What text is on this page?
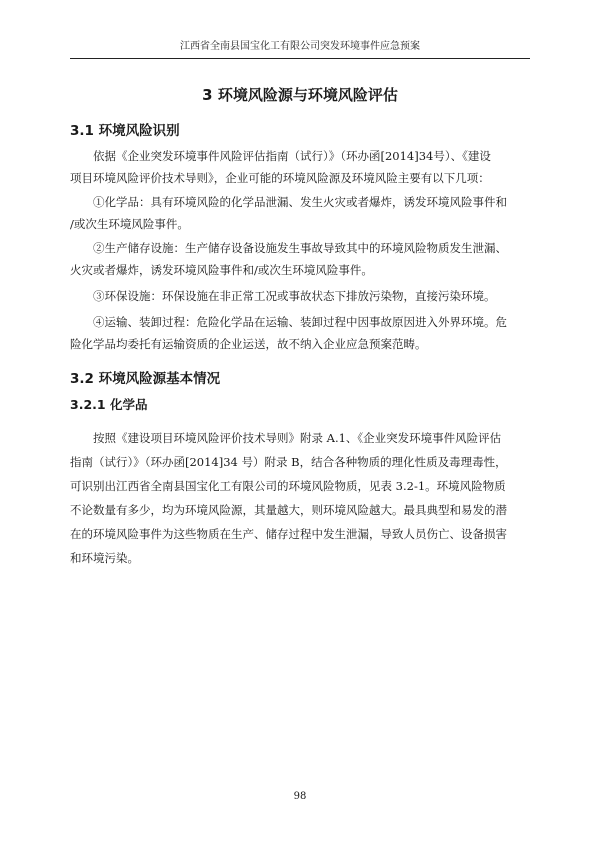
江西省全南县国宝化工有限公司突发环境事件应急预案
3 环境风险源与环境风险评估
3.1 环境风险识别
依据《企业突发环境事件风险评估指南（试行）》（环办函[2014]34号）、《建设
项目环境风险评价技术导则》，企业可能的环境风险源及环境风险主要有以下几项：
①化学品：具有环境风险的化学品泄漏、发生火灾或者爆炸，诱发环境风险事件和
/或次生环境风险事件。
②生产储存设施：生产储存设备设施发生事故导致其中的环境风险物质发生泄漏、
火灾或者爆炸，诱发环境风险事件和/或次生环境风险事件。
③环保设施：环保设施在非正常工况或事故状态下排放污染物，直接污染环境。
④运输、装卸过程：危险化学品在运输、装卸过程中因事故原因进入外界环境。危
险化学品均委托有运输资质的企业运送，故不纳入企业应急预案范畴。
3.2 环境风险源基本情况
3.2.1 化学品
按照《建设项目环境风险评价技术导则》附录 A.1、《企业突发环境事件风险评估
指南（试行）》（环办函[2014]34 号）附录 B，结合各种物质的理化性质及毒理毒性，
可识别出江西省全南县国宝化工有限公司的环境风险物质，见表 3.2-1。环境风险物质
不论数量有多少，均为环境风险源，其量越大，则环境风险越大。最具典型和易发的潜
在的环境风险事件为这些物质在生产、储存过程中发生泄漏，导致人员伤亡、设备损害
和环境污染。
98
